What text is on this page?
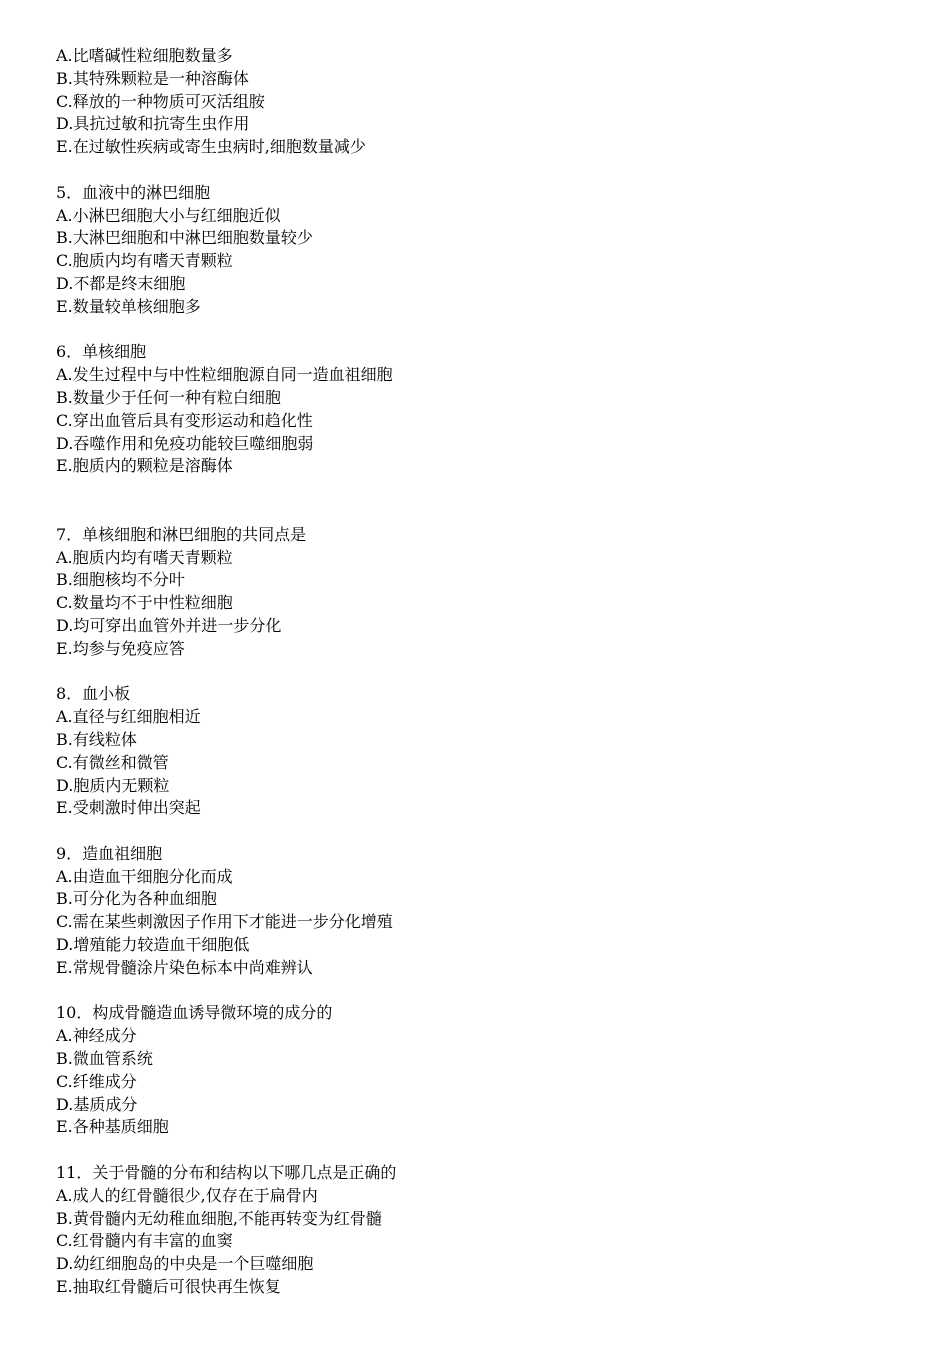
A.比嗜碱性粒细胞数量多
B.其特殊颗粒是一种溶酶体
C.释放的一种物质可灭活组胺
D.具抗过敏和抗寄生虫作用
E.在过敏性疾病或寄生虫病时,细胞数量减少
5．血液中的淋巴细胞
A.小淋巴细胞大小与红细胞近似
B.大淋巴细胞和中淋巴细胞数量较少
C.胞质内均有嗜天青颗粒
D.不都是终末细胞
E.数量较单核细胞多
6．单核细胞
A.发生过程中与中性粒细胞源自同一造血祖细胞
B.数量少于任何一种有粒白细胞
C.穿出血管后具有变形运动和趋化性
D.吞噬作用和免疫功能较巨噬细胞弱
E.胞质内的颗粒是溶酶体
7．单核细胞和淋巴细胞的共同点是
A.胞质内均有嗜天青颗粒
B.细胞核均不分叶
C.数量均不于中性粒细胞
D.均可穿出血管外并进一步分化
E.均参与免疫应答
8．血小板
A.直径与红细胞相近
B.有线粒体
C.有微丝和微管
D.胞质内无颗粒
E.受刺激时伸出突起
9．造血祖细胞
A.由造血干细胞分化而成
B.可分化为各种血细胞
C.需在某些刺激因子作用下才能进一步分化增殖
D.增殖能力较造血干细胞低
E.常规骨髓涂片染色标本中尚难辨认
10．构成骨髓造血诱导微环境的成分的
A.神经成分
B.微血管系统
C.纤维成分
D.基质成分
E.各种基质细胞
11．关于骨髓的分布和结构以下哪几点是正确的
A.成人的红骨髓很少,仅存在于扁骨内
B.黄骨髓内无幼稚血细胞,不能再转变为红骨髓
C.红骨髓内有丰富的血窦
D.幼红细胞岛的中央是一个巨噬细胞
E.抽取红骨髓后可很快再生恢复
